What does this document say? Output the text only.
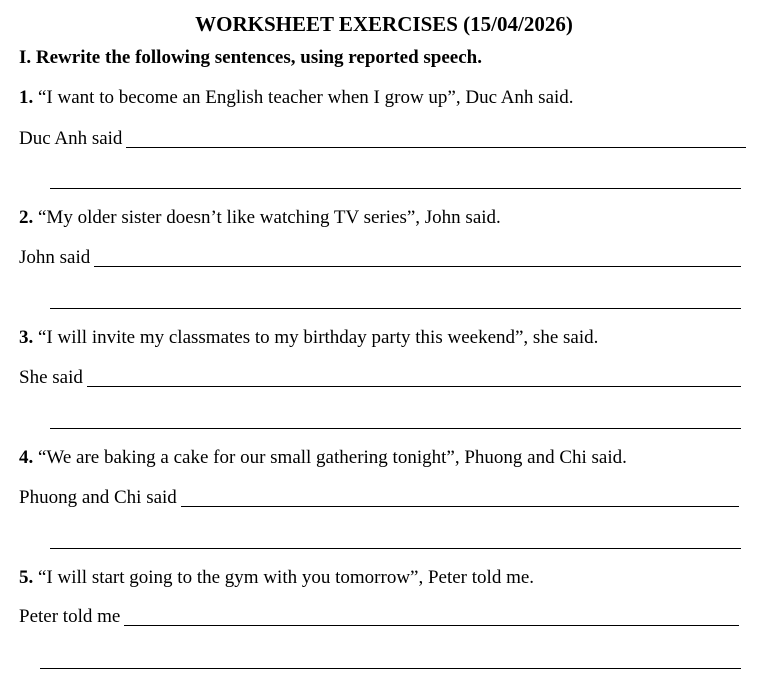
WORKSHEET EXERCISES (15/04/2026)
I. Rewrite the following sentences, using reported speech.
1. “I want to become an English teacher when I grow up”, Duc Anh said.
Duc Anh said
2. “My older sister doesn’t like watching TV series”, John said.
John said
3. “I will invite my classmates to my birthday party this weekend”, she said.
She said
4. “We are baking a cake for our small gathering tonight”, Phuong and Chi said.
Phuong and Chi said
5. “I will start going to the gym with you tomorrow”, Peter told me.
Peter told me
